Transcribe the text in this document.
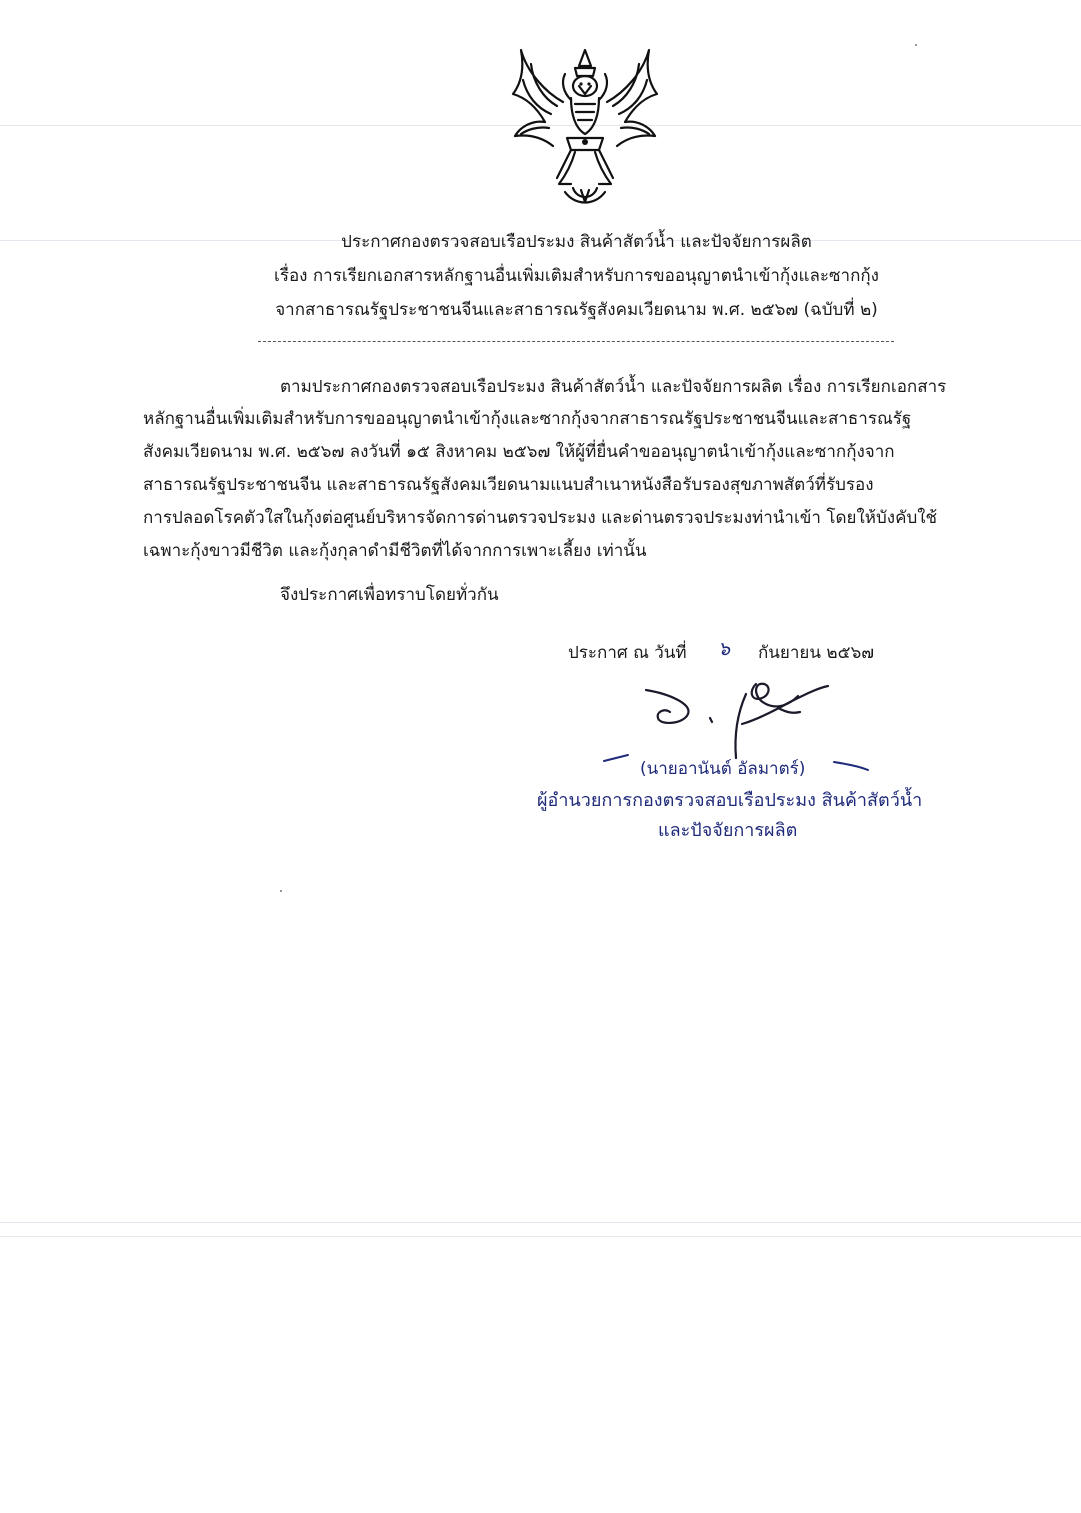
ประกาศกองตรวจสอบเรือประมง สินค้าสัตว์น้ำ และปัจจัยการผลิต
เรื่อง การเรียกเอกสารหลักฐานอื่นเพิ่มเติมสำหรับการขออนุญาตนำเข้ากุ้งและซากกุ้ง
จากสาธารณรัฐประชาชนจีนและสาธารณรัฐสังคมเวียดนาม พ.ศ. ๒๕๖๗ (ฉบับที่ ๒)
ตามประกาศกองตรวจสอบเรือประมง สินค้าสัตว์น้ำ และปัจจัยการผลิต เรื่อง การเรียกเอกสาร
หลักฐานอื่นเพิ่มเติมสำหรับการขออนุญาตนำเข้ากุ้งและซากกุ้งจากสาธารณรัฐประชาชนจีนและสาธารณรัฐ
สังคมเวียดนาม พ.ศ. ๒๕๖๗ ลงวันที่ ๑๕ สิงหาคม ๒๕๖๗ ให้ผู้ที่ยื่นคำขออนุญาตนำเข้ากุ้งและซากกุ้งจาก
สาธารณรัฐประชาชนจีน และสาธารณรัฐสังคมเวียดนามแนบสำเนาหนังสือรับรองสุขภาพสัตว์ที่รับรอง
การปลอดโรคตัวใสในกุ้งต่อศูนย์บริหารจัดการด่านตรวจประมง และด่านตรวจประมงท่านำเข้า โดยให้บังคับใช้
เฉพาะกุ้งขาวมีชีวิต และกุ้งกุลาดำมีชีวิตที่ได้จากการเพาะเลี้ยง เท่านั้น
จึงประกาศเพื่อทราบโดยทั่วกัน
ประกาศ ณ วันที่ ๖ กันยายน ๒๕๖๗
(นายอานันต์ อัลมาตร์)
ผู้อำนวยการกองตรวจสอบเรือประมง สินค้าสัตว์น้ำ
และปัจจัยการผลิต
